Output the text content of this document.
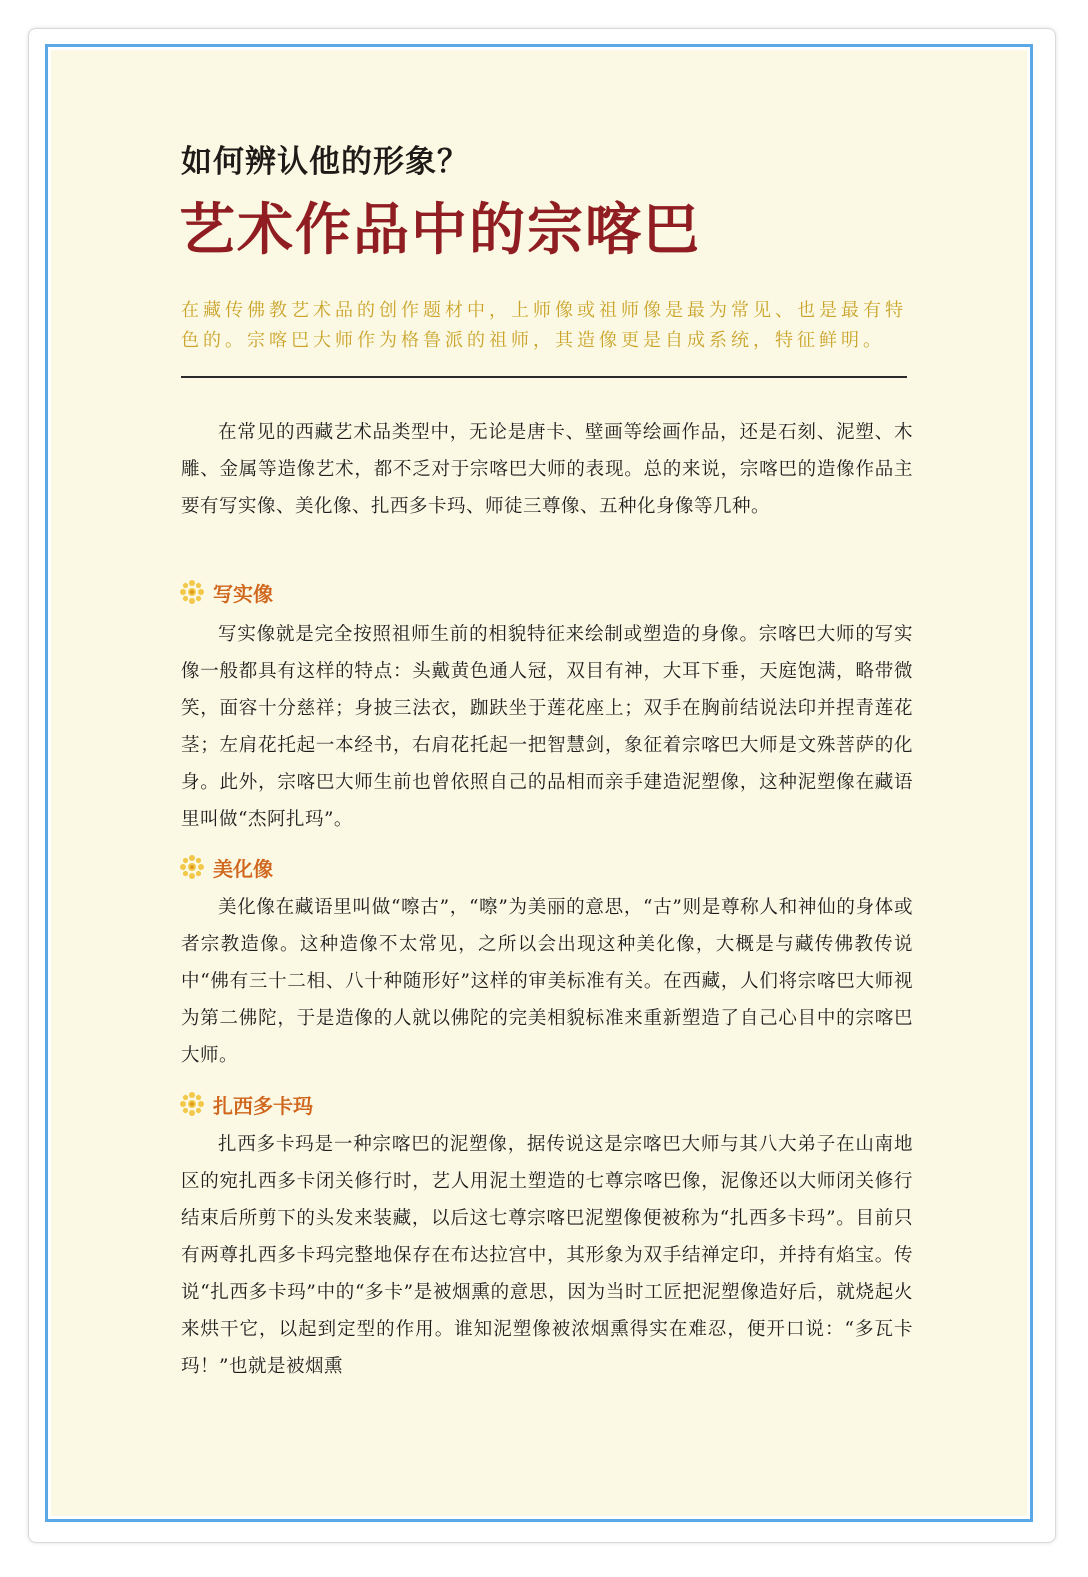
如何辨认他的形象？
艺术作品中的宗喀巴
在藏传佛教艺术品的创作题材中，上师像或祖师像是最为常见、也是最有特色的。宗喀巴大师作为格鲁派的祖师，其造像更是自成系统，特征鲜明。
在常见的西藏艺术品类型中，无论是唐卡、壁画等绘画作品，还是石刻、泥塑、木雕、金属等造像艺术，都不乏对于宗喀巴大师的表现。总的来说，宗喀巴的造像作品主要有写实像、美化像、扎西多卡玛、师徒三尊像、五种化身像等几种。
写实像
写实像就是完全按照祖师生前的相貌特征来绘制或塑造的身像。宗喀巴大师的写实像一般都具有这样的特点：头戴黄色通人冠，双目有神，大耳下垂，天庭饱满，略带微笑，面容十分慈祥；身披三法衣，跏趺坐于莲花座上；双手在胸前结说法印并捏青莲花茎；左肩花托起一本经书，右肩花托起一把智慧剑，象征着宗喀巴大师是文殊菩萨的化身。此外，宗喀巴大师生前也曾依照自己的品相而亲手建造泥塑像，这种泥塑像在藏语里叫做“杰阿扎玛”。
美化像
美化像在藏语里叫做“嚓古”，“嚓”为美丽的意思，“古”则是尊称人和神仙的身体或者宗教造像。这种造像不太常见，之所以会出现这种美化像，大概是与藏传佛教传说中“佛有三十二相、八十种随形好”这样的审美标准有关。在西藏，人们将宗喀巴大师视为第二佛陀，于是造像的人就以佛陀的完美相貌标准来重新塑造了自己心目中的宗喀巴大师。
扎西多卡玛
扎西多卡玛是一种宗喀巴的泥塑像，据传说这是宗喀巴大师与其八大弟子在山南地区的宛扎西多卡闭关修行时，艺人用泥土塑造的七尊宗喀巴像，泥像还以大师闭关修行结束后所剪下的头发来装藏，以后这七尊宗喀巴泥塑像便被称为“扎西多卡玛”。目前只有两尊扎西多卡玛完整地保存在布达拉宫中，其形象为双手结禅定印，并持有焰宝。传说“扎西多卡玛”中的“多卡”是被烟熏的意思，因为当时工匠把泥塑像造好后，就烧起火来烘干它，以起到定型的作用。谁知泥塑像被浓烟熏得实在难忍，便开口说：“多瓦卡玛！”也就是被烟熏
